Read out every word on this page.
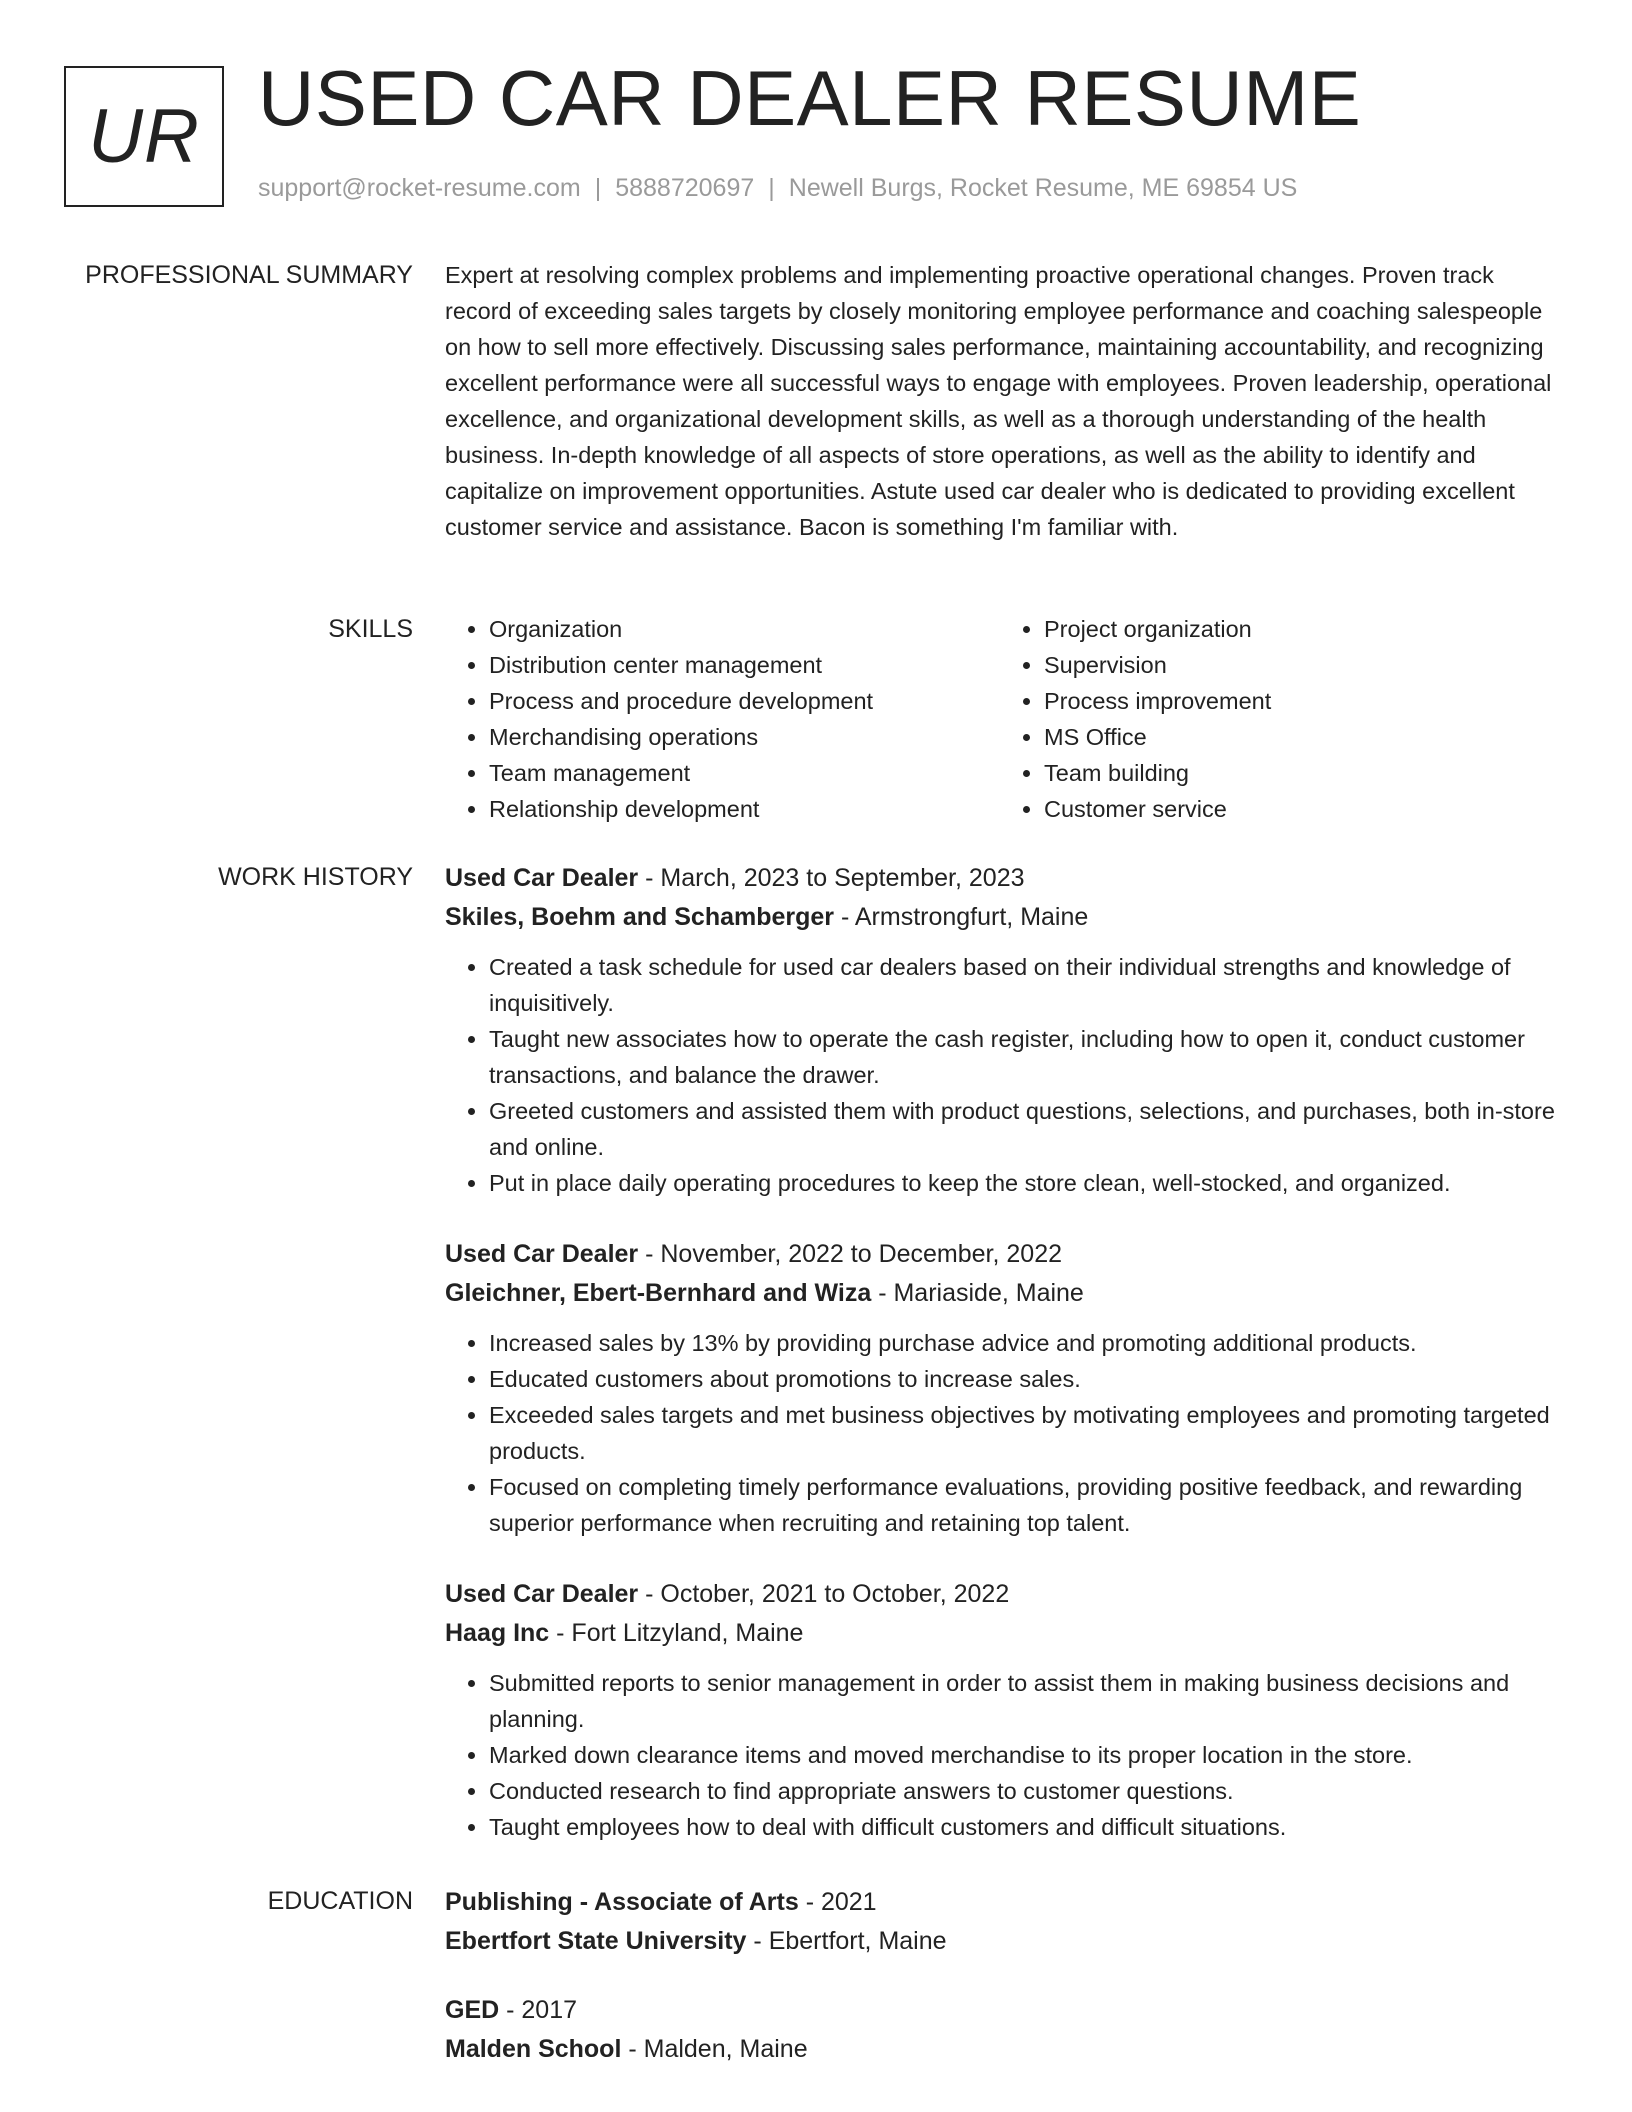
UR USED CAR DEALER RESUME
support@rocket-resume.com | 5888720697 | Newell Burgs, Rocket Resume, ME 69854 US
PROFESSIONAL SUMMARY Expert at resolving complex problems and implementing proactive operational changes. Proven track record of exceeding sales targets by closely monitoring employee performance and coaching salespeople on how to sell more effectively. Discussing sales performance, maintaining accountability, and recognizing excellent performance were all successful ways to engage with employees. Proven leadership, operational excellence, and organizational development skills, as well as a thorough understanding of the health business. In-depth knowledge of all aspects of store operations, as well as the ability to identify and capitalize on improvement opportunities. Astute used car dealer who is dedicated to providing excellent customer service and assistance. Bacon is something I'm familiar with.

SKILLS
•	Organization
• Distribution center management
• Process and procedure development
• Merchandising operations
• Team management
• Relationship development
• Project organization
• Supervision
• Process improvement
• MS Office
• Team building
• Customer service
WORK HISTORY Used Car Dealer - March, 2023 to September, 2023
Skiles, Boehm and Schamberger - Armstrongfurt, Maine
• Created a task schedule for used car dealers based on their individual strengths and knowledge of inquisitively.
• Taught new associates how to operate the cash register, including how to open it, conduct customer transactions, and balance the drawer.
• Greeted customers and assisted them with product questions, selections, and purchases, both in-store and online.
• Put in place daily operating procedures to keep the store clean, well-stocked, and organized.
Used Car Dealer - November, 2022 to December, 2022
Gleichner, Ebert-Bernhard and Wiza - Mariaside, Maine
• Increased sales by 13% by providing purchase advice and promoting additional products.
• Educated customers about promotions to increase sales.
• Exceeded sales targets and met business objectives by motivating employees and promoting targeted products.
• Focused on completing timely performance evaluations, providing positive feedback, and rewarding superior performance when recruiting and retaining top talent.
Used Car Dealer - October, 2021 to October, 2022
Haag Inc - Fort Litzyland, Maine
• Submitted reports to senior management in order to assist them in making business decisions and planning.
• Marked down clearance items and moved merchandise to its proper location in the store.
• Conducted research to find appropriate answers to customer questions.
• Taught employees how to deal with difficult customers and difficult situations.
EDUCATION Publishing - Associate of Arts - 2021
Ebertfort State University - Ebertfort, Maine
GED - 2017
Malden School - Malden, Maine
